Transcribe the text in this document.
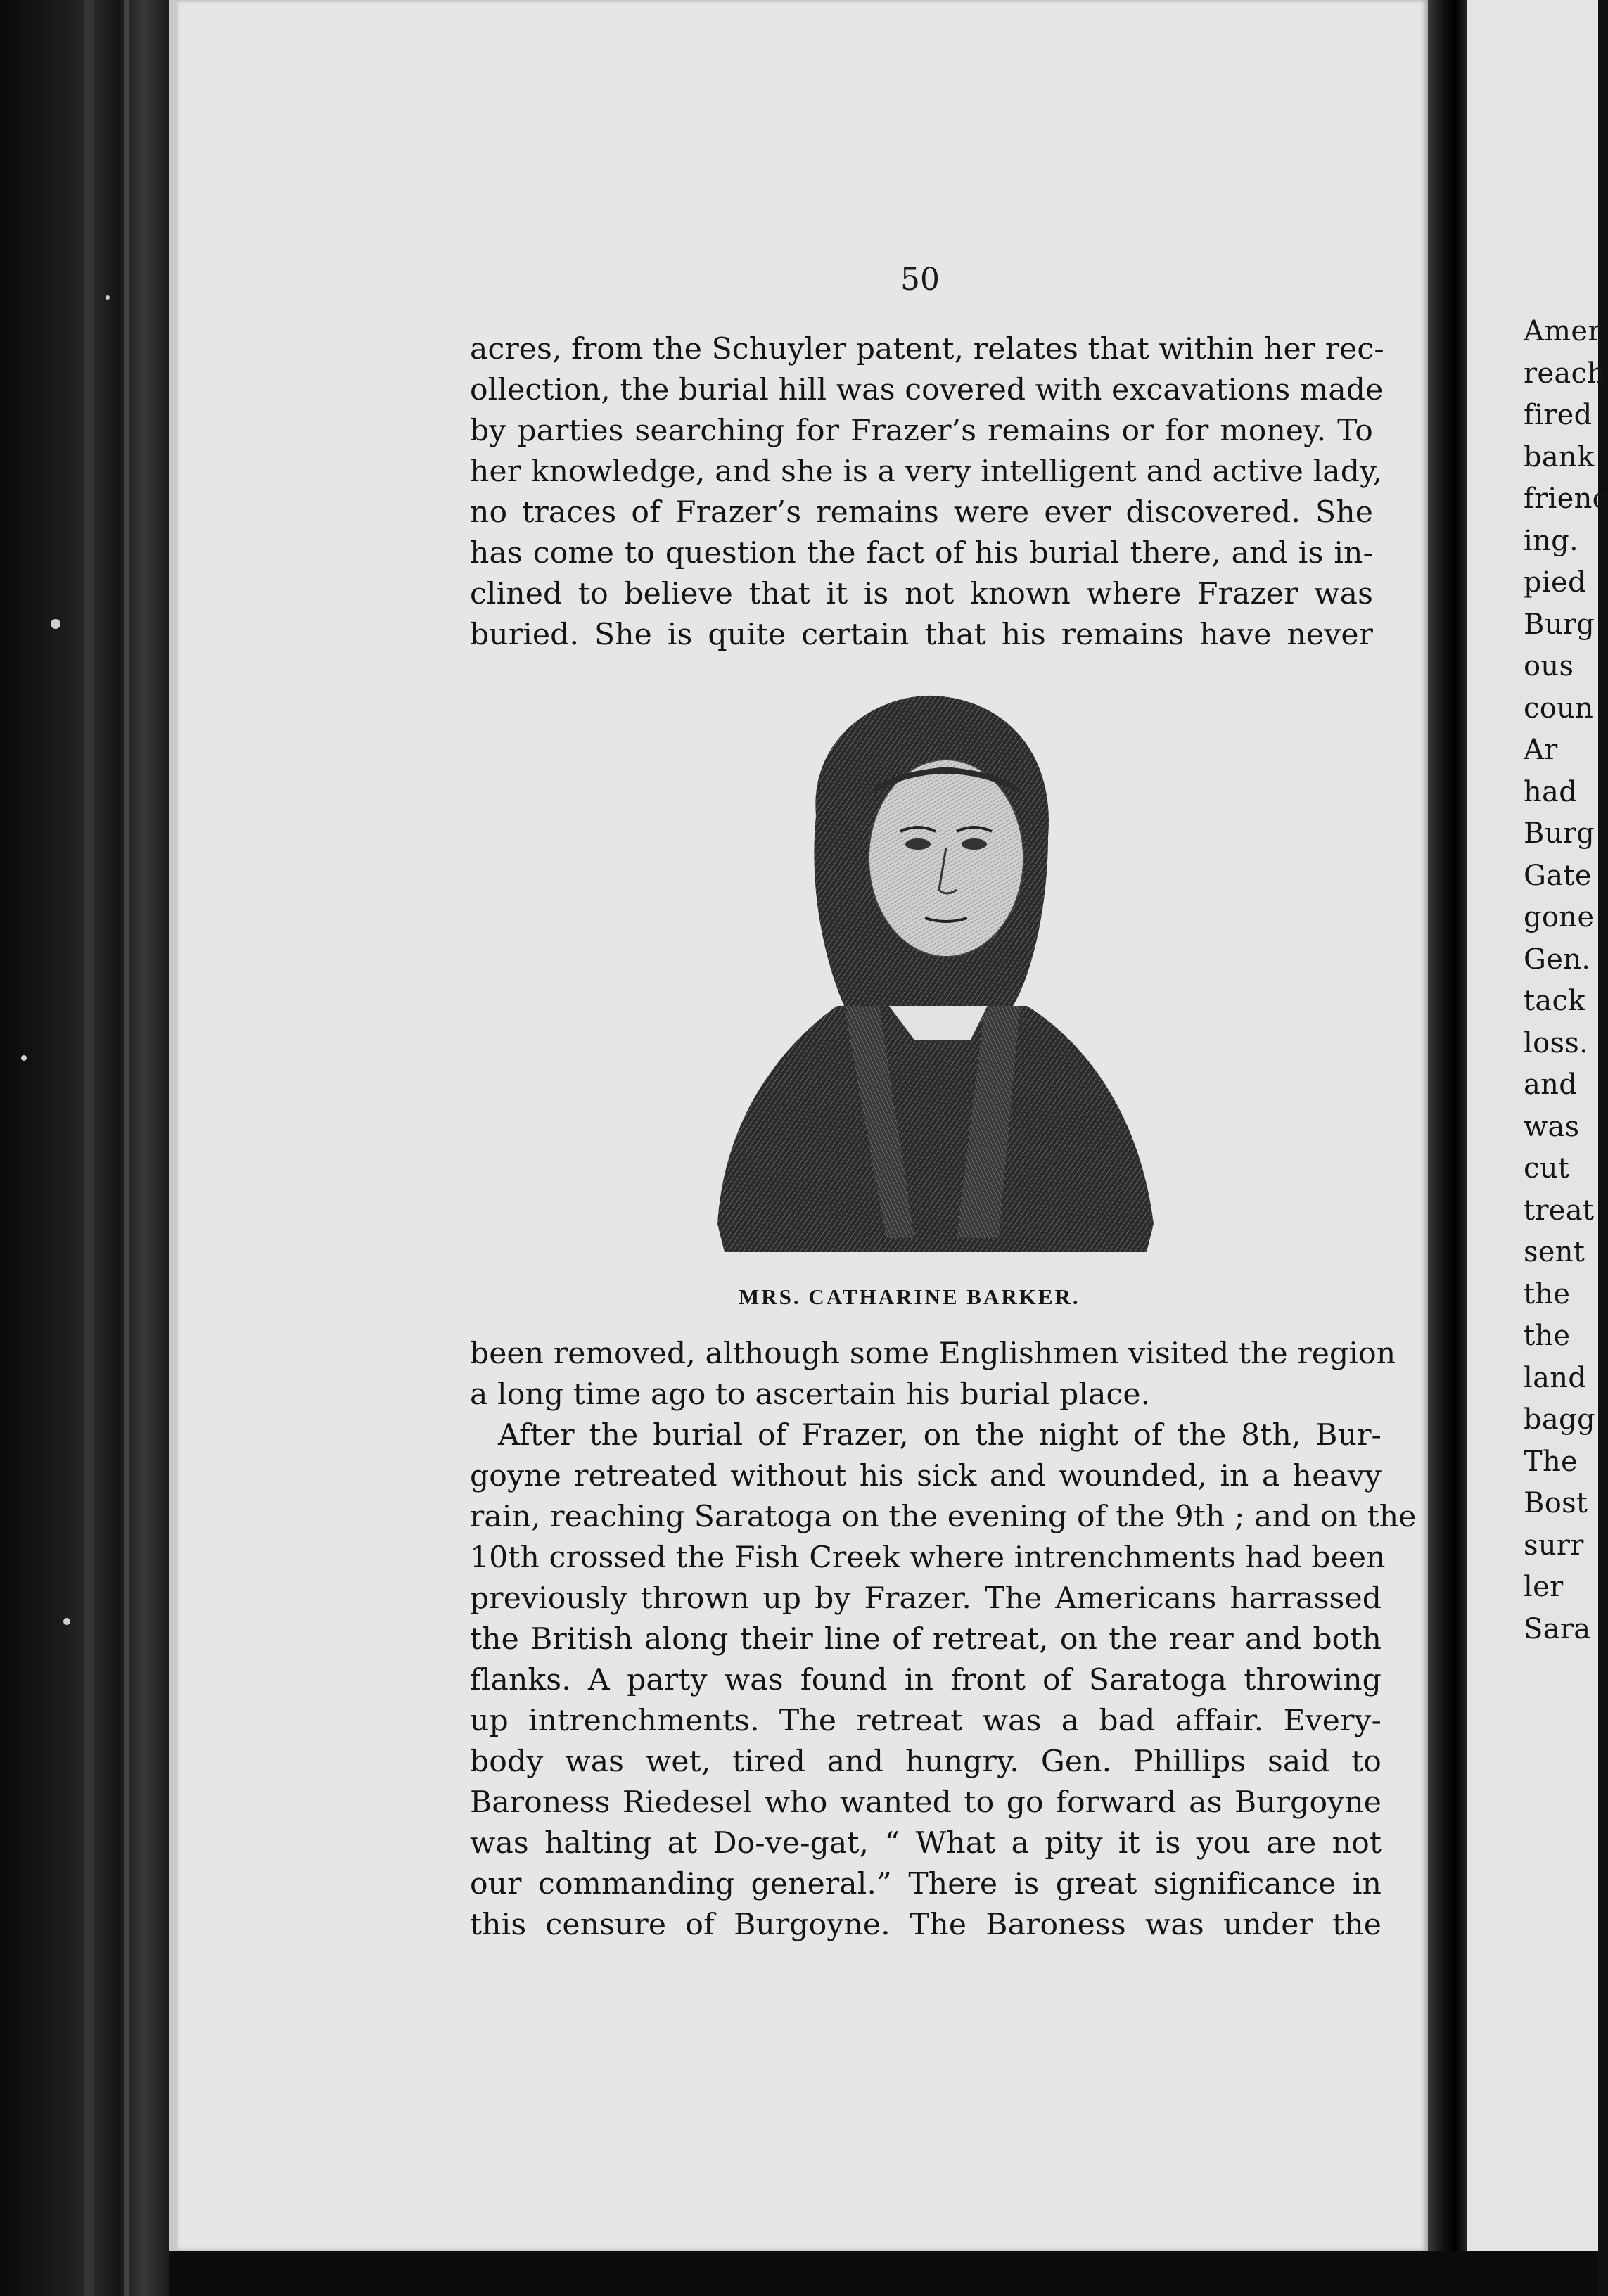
Amer
reach
fired
bank
frienc
ing.
pied
Burg
ous
coun
Ar
had
Burg
Gate
gone
Gen.
tack
loss.
and
was
cut
treat
sent
the
the
land
bagg
The
Bost
surr
ler
Sara
50
acres, from the Schuyler patent, relates that within her rec-
ollection, the burial hill was covered with excavations made
by parties searching for Frazer’s remains or for money. To
her knowledge, and she is a very intelligent and active lady,
no traces of Frazer’s remains were ever discovered. She
has come to question the fact of his burial there, and is in-
clined to believe that it is not known where Frazer was
buried. She is quite certain that his remains have never
MRS. CATHARINE BARKER.
been removed, although some Englishmen visited the region
a long time ago to ascertain his burial place.
After the burial of Frazer, on the night of the 8th, Bur-
goyne retreated without his sick and wounded, in a heavy
rain, reaching Saratoga on the evening of the 9th ; and on the
10th crossed the Fish Creek where intrenchments had been
previously thrown up by Frazer. The Americans harrassed
the British along their line of retreat, on the rear and both
flanks. A party was found in front of Saratoga throwing
up intrenchments. The retreat was a bad affair. Every-
body was wet, tired and hungry. Gen. Phillips said to
Baroness Riedesel who wanted to go forward as Burgoyne
was halting at Do-ve-gat, “ What a pity it is you are not
our commanding general.” There is great significance in
this censure of Burgoyne. The Baroness was under the
